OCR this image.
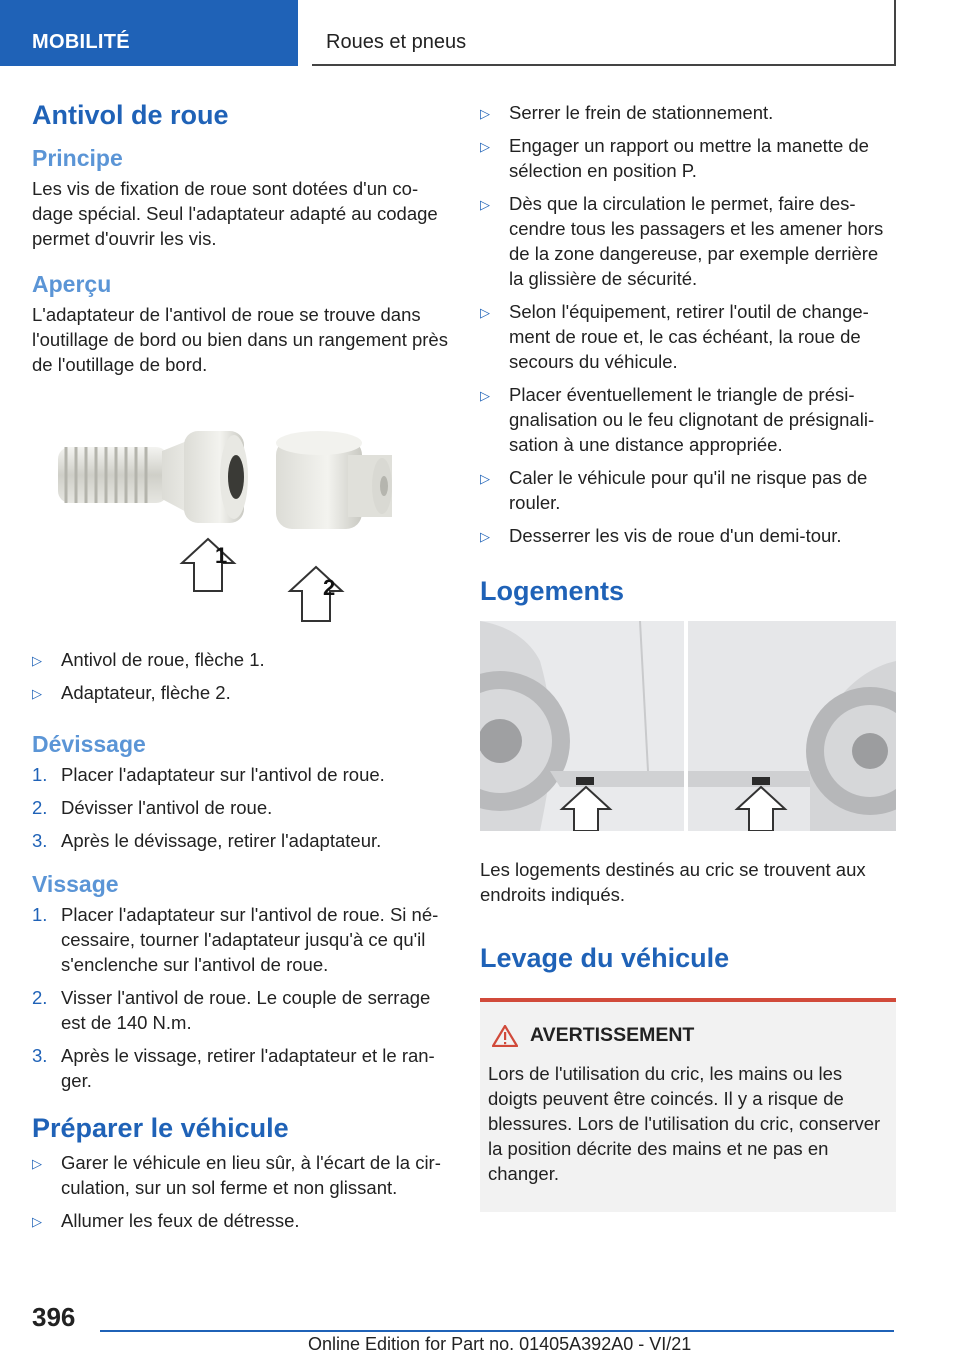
MOBILITÉ	Roues et pneus
Antivol de roue
Principe

Les vis de fixation de roue sont dotées d'un co- dage spécial. Seul l'adaptateur adapté au codage permet d'ouvrir les vis.

Aperçu

L'adaptateur de l'antivol de roue se trouve dans l'outillage de bord ou bien dans un rangement près de l'outillage de bord.

1
2
▷ Antivol de roue, flèche 1.
▷ Adaptateur, flèche 2.
Dévissage
1. Placer l'adaptateur sur l'antivol de roue.
2. Dévisser l'antivol de roue.
3. Après le dévissage, retirer l'adaptateur.
Vissage
1. Placer l'adaptateur sur l'antivol de roue. Si né- cessaire, tourner l'adaptateur jusqu'à ce qu'il s'enclenche sur l'antivol de roue.
2. Visser l'antivol de roue. Le couple de serrage est de 140 N.m.
3. Après le vissage, retirer l'adaptateur et le ran- ger.
Préparer le véhicule
▷ Garer le véhicule en lieu sûr, à l'écart de la cir- culation, sur un sol ferme et non glissant.
▷ Allumer les feux de détresse.
▷ Serrer le frein de stationnement.
▷ Engager un rapport ou mettre la manette de sélection en position P.
▷ Dès que la circulation le permet, faire des- cendre tous les passagers et les amener hors de la zone dangereuse, par exemple derrière la glissière de sécurité.
▷ Selon l'équipement, retirer l'outil de change- ment de roue et, le cas échéant, la roue de secours du véhicule.
▷ Placer éventuellement le triangle de prési- gnalisation ou le feu clignotant de présignali- sation à une distance appropriée.
▷ Caler le véhicule pour qu'il ne risque pas de rouler.
▷ Desserrer les vis de roue d'un demi-tour.
Logements

Les logements destinés au cric se trouvent aux endroits indiqués.

Levage du véhicule
AVERTISSEMENT

Lors de l'utilisation du cric, les mains ou les doigts peuvent être coincés. Il y a risque de blessures. Lors de l'utilisation du cric, conserver la position décrite des mains et ne pas en changer.

396
Online Edition for Part no. 01405A392A0 - VI/21
